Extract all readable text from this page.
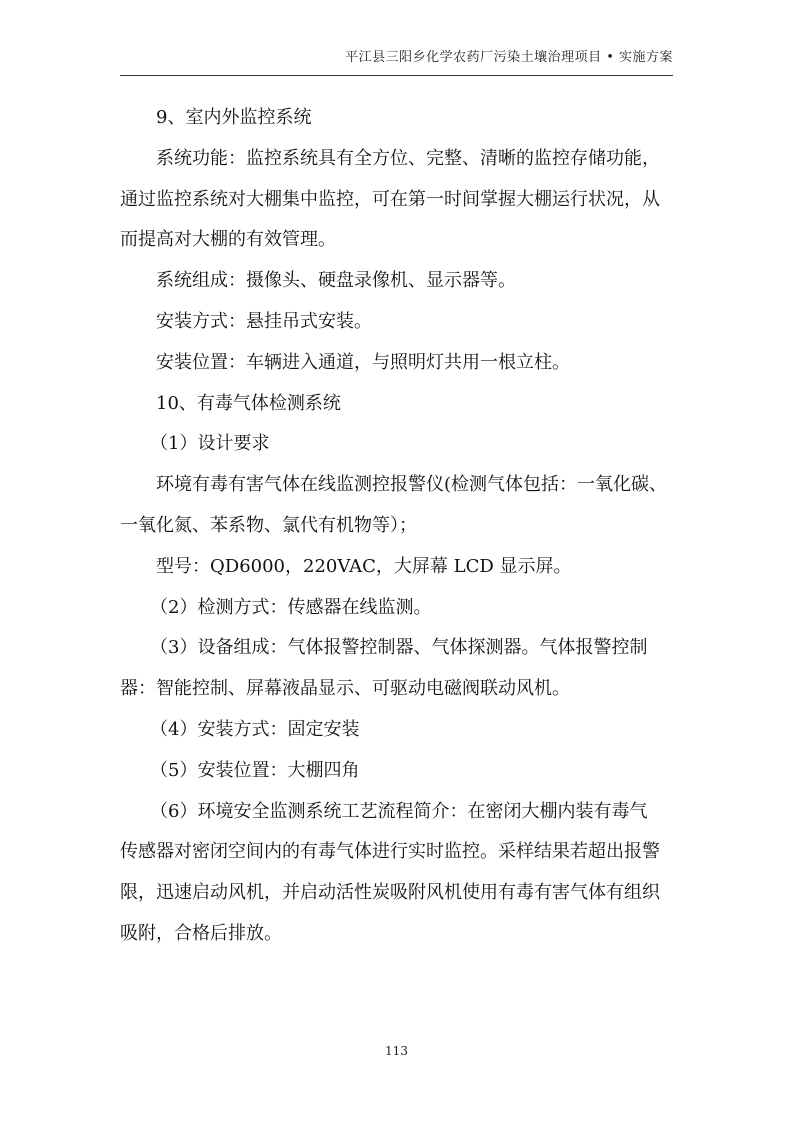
平江县三阳乡化学农药厂污染土壤治理项目 • 实施方案

9、室内外监控系统

系统功能：监控系统具有全方位、完整、清晰的监控存储功能，

通过监控系统对大棚集中监控，可在第一时间掌握大棚运行状况，从

而提高对大棚的有效管理。

系统组成：摄像头、硬盘录像机、显示器等。

安装方式：悬挂吊式安装。

安装位置：车辆进入通道，与照明灯共用一根立柱。

10、有毒气体检测系统

（1）设计要求

环境有毒有害气体在线监测控报警仪(检测气体包括：一氧化碳、

一氧化氮、苯系物、氯代有机物等）；

型号：QD6000，220VAC，大屏幕 LCD 显示屏。

（2）检测方式：传感器在线监测。

（3）设备组成：气体报警控制器、气体探测器。气体报警控制

器：智能控制、屏幕液晶显示、可驱动电磁阀联动风机。

（4）安装方式：固定安装

（5）安装位置：大棚四角

（6）环境安全监测系统工艺流程简介：在密闭大棚内装有毒气

传感器对密闭空间内的有毒气体进行实时监控。采样结果若超出报警

限，迅速启动风机，并启动活性炭吸附风机使用有毒有害气体有组织

吸附，合格后排放。

113
